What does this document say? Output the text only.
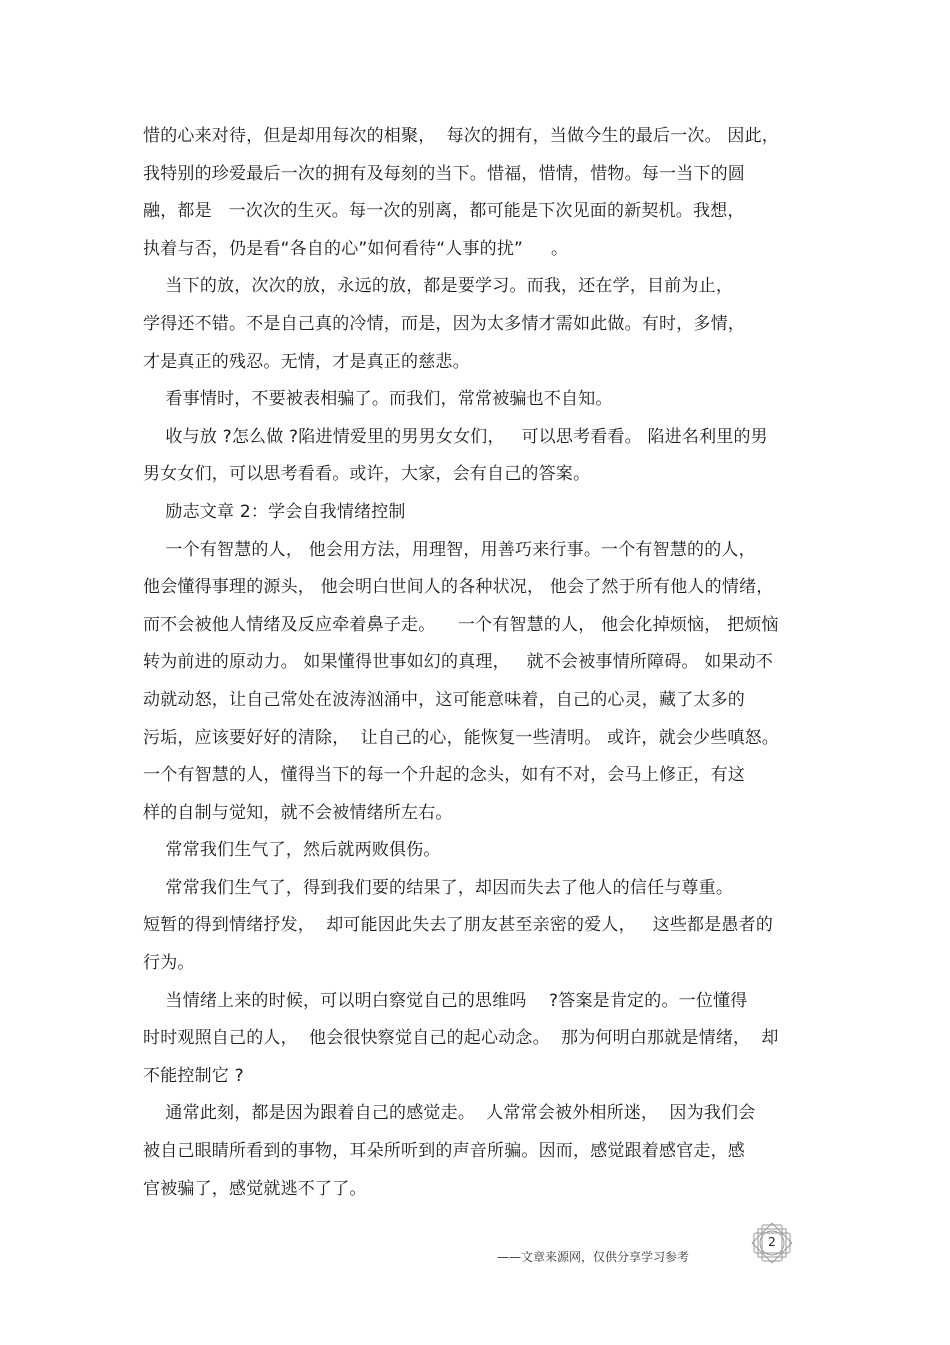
惜的心来对待，但是却用每次的相聚，  每次的拥有，当做今生的最后一次。 因此，
我特别的珍爱最后一次的拥有及每刻的当下。惜福，惜情，惜物。每一当下的圆
融，都是   一次次的生灭。每一次的别离，都可能是下次见面的新契机。我想，
执着与否，仍是看“各自的心”如何看待“人事的扰”     。
当下的放，次次的放，永远的放，都是要学习。而我，还在学，目前为止，
学得还不错。不是自己真的冷情，而是，因为太多情才需如此做。有时，多情，
才是真正的残忍。无情，才是真正的慈悲。
看事情时，不要被表相骗了。而我们，常常被骗也不自知。
收与放 ?怎么做 ?陷进情爱里的男男女女们，   可以思考看看。 陷进名利里的男
男女女们，可以思考看看。或许，大家，会有自己的答案。
励志文章 2：学会自我情绪控制
一个有智慧的人， 他会用方法，用理智，用善巧来行事。一个有智慧的的人，
他会懂得事理的源头， 他会明白世间人的各种状况， 他会了然于所有他人的情绪，
而不会被他人情绪及反应牵着鼻子走。    一个有智慧的人， 他会化掉烦恼， 把烦恼
转为前进的原动力。 如果懂得世事如幻的真理，   就不会被事情所障碍。 如果动不
动就动怒，让自己常处在波涛汹涌中，这可能意味着，自己的心灵，藏了太多的
污垢，应该要好好的清除，  让自己的心，能恢复一些清明。 或许，就会少些嗔怒。
一个有智慧的人，懂得当下的每一个升起的念头，如有不对，会马上修正，有这
样的自制与觉知，就不会被情绪所左右。
常常我们生气了，然后就两败俱伤。
常常我们生气了，得到我们要的结果了，却因而失去了他人的信任与尊重。
短暂的得到情绪抒发，  却可能因此失去了朋友甚至亲密的爱人，   这些都是愚者的
行为。
当情绪上来的时候，可以明白察觉自己的思维吗    ?答案是肯定的。一位懂得
时时观照自己的人，  他会很快察觉自己的起心动念。  那为何明白那就是情绪，  却
不能控制它 ?
通常此刻，都是因为跟着自己的感觉走。  人常常会被外相所迷，  因为我们会
被自己眼睛所看到的事物，耳朵所听到的声音所骗。因而，感觉跟着感官走，感
官被骗了，感觉就逃不了了。
——文章来源网，仅供分享学习参考
2
